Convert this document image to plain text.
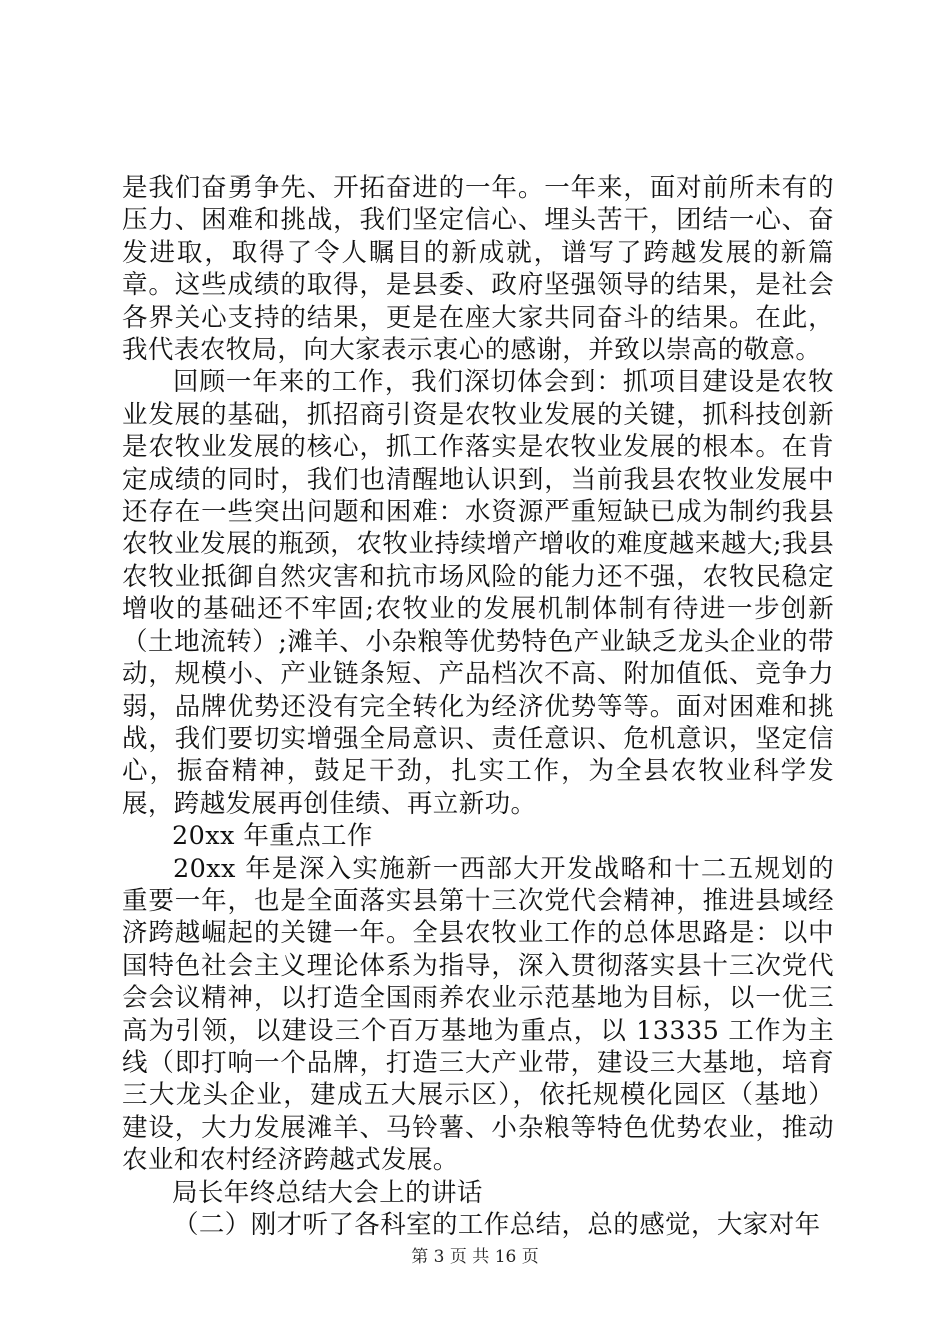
是我们奋勇争先、开拓奋进的一年。一年来，面对前所未有的压力、困难和挑战，我们坚定信心、埋头苦干，团结一心、奋发进取，取得了令人瞩目的新成就，谱写了跨越发展的新篇章。这些成绩的取得，是县委、政府坚强领导的结果，是社会各界关心支持的结果，更是在座大家共同奋斗的结果。在此，我代表农牧局，向大家表示衷心的感谢，并致以崇高的敬意。

回顾一年来的工作，我们深切体会到：抓项目建设是农牧业发展的基础，抓招商引资是农牧业发展的关键，抓科技创新是农牧业发展的核心，抓工作落实是农牧业发展的根本。在肯定成绩的同时，我们也清醒地认识到，当前我县农牧业发展中还存在一些突出问题和困难：水资源严重短缺已成为制约我县农牧业发展的瓶颈，农牧业持续增产增收的难度越来越大;我县农牧业抵御自然灾害和抗市场风险的能力还不强，农牧民稳定增收的基础还不牢固;农牧业的发展机制体制有待进一步创新（土地流转）;滩羊、小杂粮等优势特色产业缺乏龙头企业的带动，规模小、产业链条短、产品档次不高、附加值低、竞争力弱，品牌优势还没有完全转化为经济优势等等。面对困难和挑战，我们要切实增强全局意识、责任意识、危机意识，坚定信心，振奋精神，鼓足干劲，扎实工作，为全县农牧业科学发展，跨越发展再创佳绩、再立新功。

20xx 年重点工作

20xx 年是深入实施新一西部大开发战略和十二五规划的重要一年，也是全面落实县第十三次党代会精神，推进县域经济跨越崛起的关键一年。全县农牧业工作的总体思路是：以中国特色社会主义理论体系为指导，深入贯彻落实县十三次党代会会议精神，以打造全国雨养农业示范基地为目标，以一优三高为引领，以建设三个百万基地为重点，以 13335 工作为主线（即打响一个品牌，打造三大产业带，建设三大基地，培育三大龙头企业，建成五大展示区），依托规模化园区（基地）建设，大力发展滩羊、马铃薯、小杂粮等特色优势农业，推动农业和农村经济跨越式发展。

局长年终总结大会上的讲话

（二）刚才听了各科室的工作总结，总的感觉，大家对年

第 3 页 共 16 页
